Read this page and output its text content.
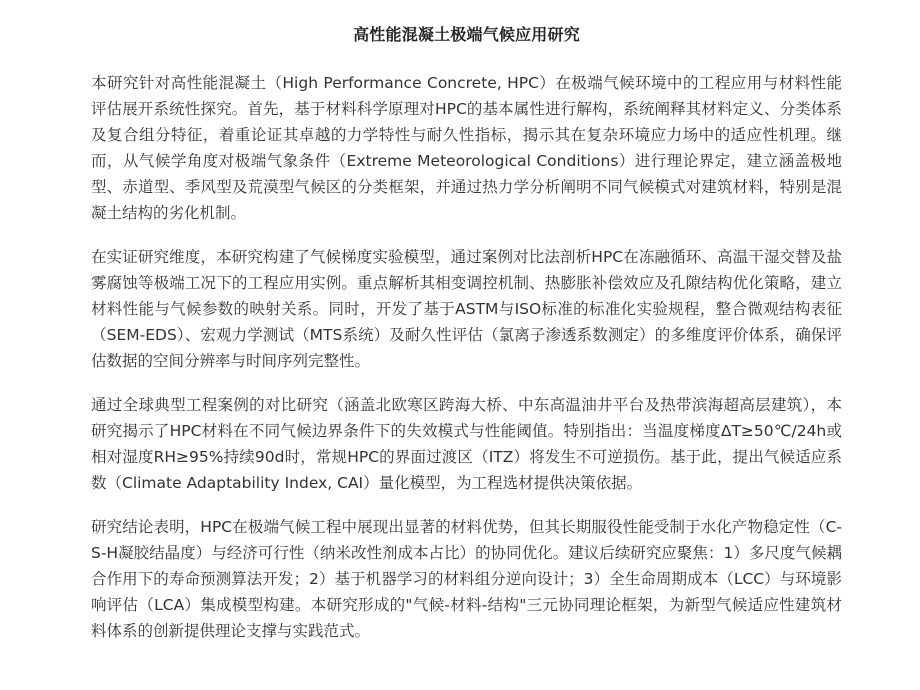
高性能混凝土极端气候应用研究

本研究针对高性能混凝土（High Performance Concrete, HPC）在极端气候环境中的工程应用与材料性能评估展开系统性探究。首先，基于材料科学原理对HPC的基本属性进行解构，系统阐释其材料定义、分类体系及复合组分特征，着重论证其卓越的力学特性与耐久性指标，揭示其在复杂环境应力场中的适应性机理。继而，从气候学角度对极端气象条件（Extreme Meteorological Conditions）进行理论界定，建立涵盖极地型、赤道型、季风型及荒漠型气候区的分类框架，并通过热力学分析阐明不同气候模式对建筑材料，特别是混凝土结构的劣化机制。

在实证研究维度，本研究构建了气候梯度实验模型，通过案例对比法剖析HPC在冻融循环、高温干湿交替及盐雾腐蚀等极端工况下的工程应用实例。重点解析其相变调控机制、热膨胀补偿效应及孔隙结构优化策略，建立材料性能与气候参数的映射关系。同时，开发了基于ASTM与ISO标准的标准化实验规程，整合微观结构表征（SEM-EDS）、宏观力学测试（MTS系统）及耐久性评估（氯离子渗透系数测定）的多维度评价体系，确保评估数据的空间分辨率与时间序列完整性。

通过全球典型工程案例的对比研究（涵盖北欧寒区跨海大桥、中东高温油井平台及热带滨海超高层建筑），本研究揭示了HPC材料在不同气候边界条件下的失效模式与性能阈值。特别指出：当温度梯度ΔT≥50℃/24h或相对湿度RH≥95%持续90d时，常规HPC的界面过渡区（ITZ）将发生不可逆损伤。基于此，提出气候适应系数（Climate Adaptability Index, CAI）量化模型，为工程选材提供决策依据。

研究结论表明，HPC在极端气候工程中展现出显著的材料优势，但其长期服役性能受制于水化产物稳定性（C-S-H凝胶结晶度）与经济可行性（纳米改性剂成本占比）的协同优化。建议后续研究应聚焦：1）多尺度气候耦合作用下的寿命预测算法开发；2）基于机器学习的材料组分逆向设计；3）全生命周期成本（LCC）与环境影响评估（LCA）集成模型构建。本研究形成的"气候-材料-结构"三元协同理论框架，为新型气候适应性建筑材料体系的创新提供理论支撑与实践范式。
